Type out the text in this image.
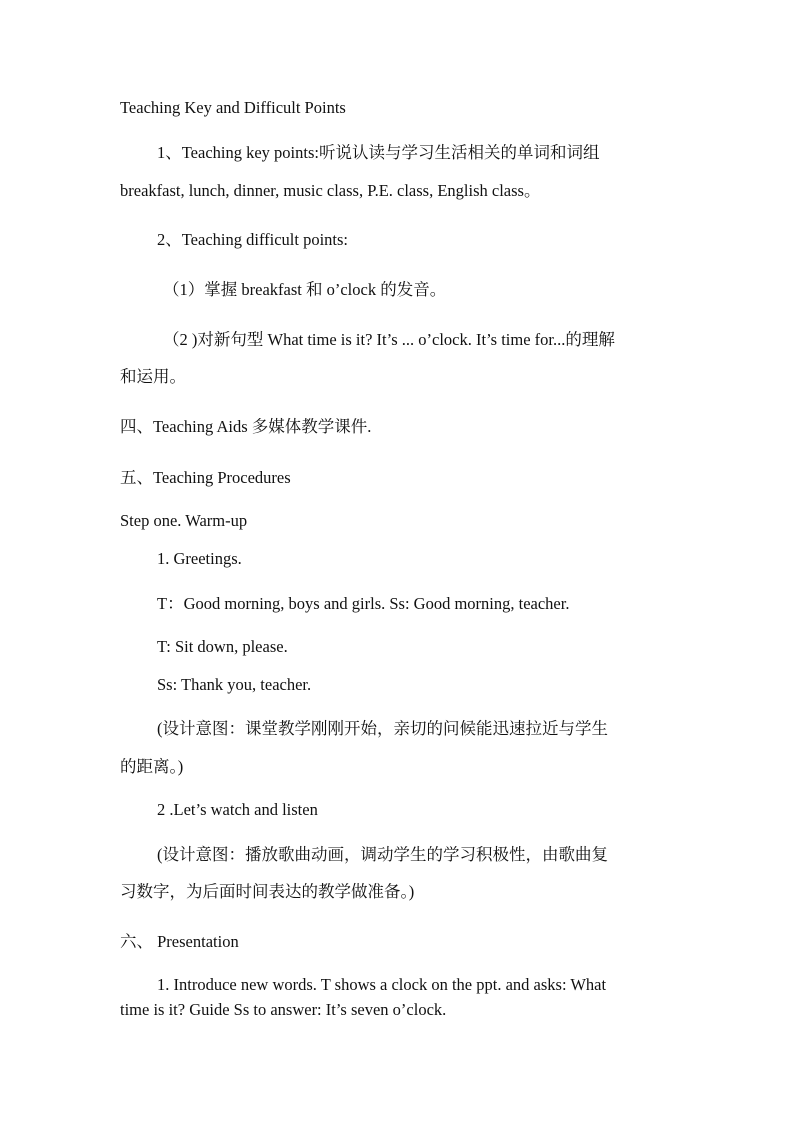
Teaching Key and Difficult Points
1、Teaching key points:听说认读与学习生活相关的单词和词组
breakfast, lunch, dinner, music class, P.E. class, English class。
2、Teaching difficult points:
（1）掌握 breakfast 和 o’clock 的发音。
（2 )对新句型 What time is it? It’s ... o’clock. It’s time for...的理解
和运用。
四、Teaching Aids 多媒体教学课件.
五、Teaching Procedures
Step one. Warm-up
1. Greetings.
T：Good morning, boys and girls. Ss: Good morning, teacher.
T: Sit down, please.
Ss: Thank you, teacher.
(设计意图：课堂教学刚刚开始，亲切的问候能迅速拉近与学生
的距离。)
2 .Let’s watch and listen
(设计意图：播放歌曲动画，调动学生的学习积极性，由歌曲复
习数字，为后面时间表达的教学做准备。)
六、 Presentation
1. Introduce new words. T shows a clock on the ppt. and asks: What
time is it? Guide Ss to answer: It’s seven o’clock.
